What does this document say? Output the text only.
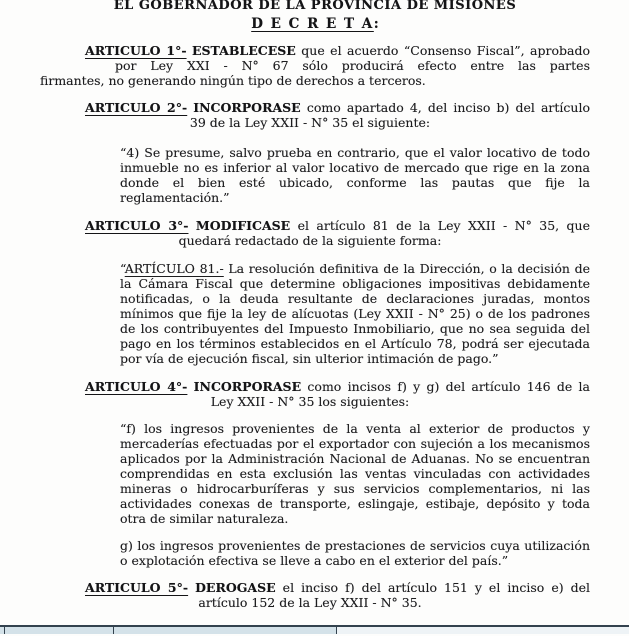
EL GOBERNADOR DE LA PROVINCIA DE MISIONES
D E C R E T A:
ARTICULO 1°- ESTABLECESE que el acuerdo “Consenso Fiscal”, aprobado
por Ley XXI - N° 67 sólo producirá efecto entre las partes
firmantes, no generando ningún tipo de derechos a terceros.
ARTICULO 2°- INCORPORASE como apartado 4, del inciso b) del artículo
39 de la Ley XXII - N° 35 el siguiente:
“4) Se presume, salvo prueba en contrario, que el valor locativo de todo inmueble no es inferior al valor locativo de mercado que rige en la zona donde el bien esté ubicado, conforme las pautas que fije la reglamentación.”
ARTICULO 3°- MODIFICASE el artículo 81 de la Ley XXII - N° 35, que
quedará redactado de la siguiente forma:
“ARTÍCULO 81.- La resolución definitiva de la Dirección, o la decisión de la Cámara Fiscal que determine obligaciones impositivas debidamente notificadas, o la deuda resultante de declaraciones juradas, montos mínimos que fije la ley de alícuotas (Ley XXII - N° 25) o de los padrones de los contribuyentes del Impuesto Inmobiliario, que no sea seguida del pago en los términos establecidos en el Artículo 78, podrá ser ejecutada por vía de ejecución fiscal, sin ulterior intimación de pago.”
ARTICULO 4°- INCORPORASE como incisos f) y g) del artículo 146 de la
Ley XXII - N° 35 los siguientes:
“f) los ingresos provenientes de la venta al exterior de productos y mercaderías efectuadas por el exportador con sujeción a los mecanismos aplicados por la Administración Nacional de Aduanas. No se encuentran comprendidas en esta exclusión las ventas vinculadas con actividades mineras o hidrocarburíferas y sus servicios complementarios, ni las actividades conexas de transporte, eslingaje, estibaje, depósito y toda otra de similar naturaleza.
g) los ingresos provenientes de prestaciones de servicios cuya utilización o explotación efectiva se lleve a cabo en el exterior del país.”
ARTICULO 5°- DEROGASE el inciso f) del artículo 151 y el inciso e) del
artículo 152 de la Ley XXII - N° 35.
